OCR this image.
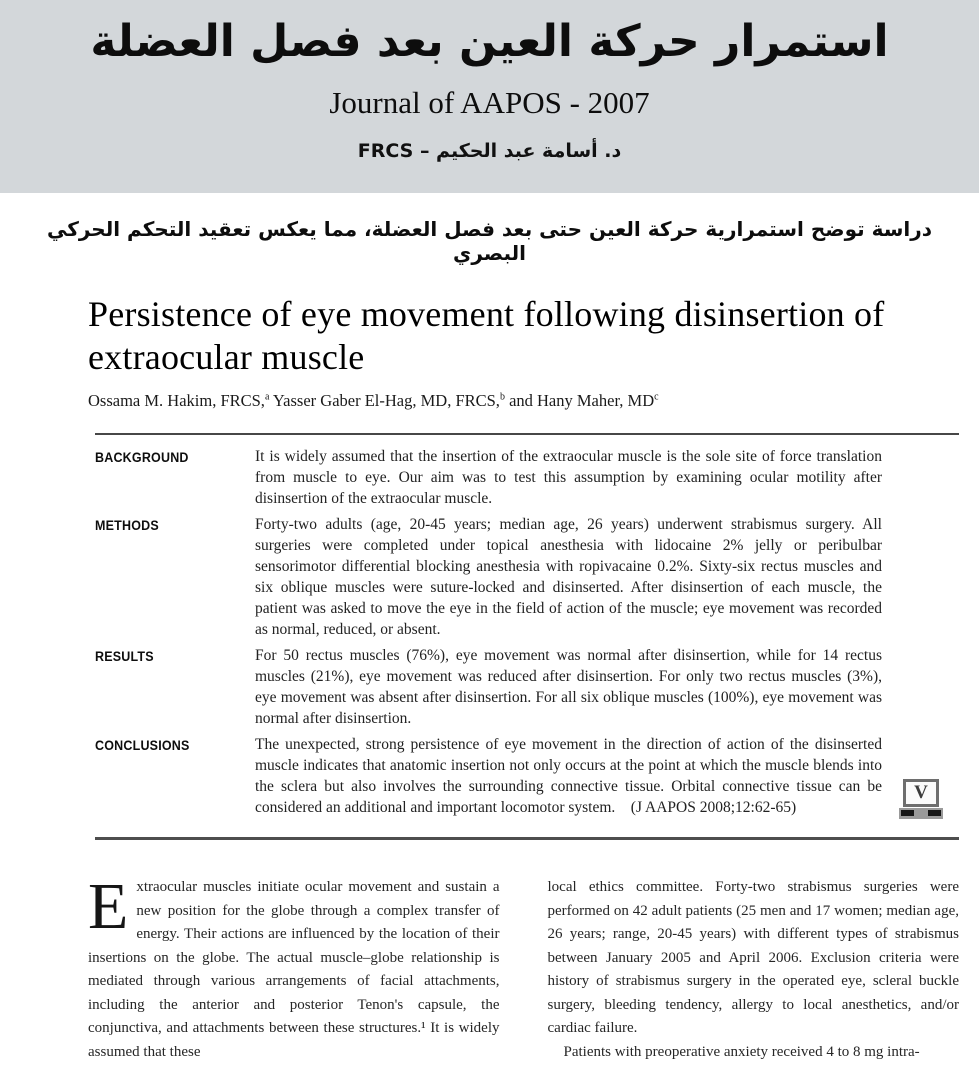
استمرار حركة العين بعد فصل العضلة
Journal of AAPOS - 2007
د. أسامة عبد الحكيم – FRCS
دراسة توضح استمرارية حركة العين حتى بعد فصل العضلة، مما يعكس تعقيد التحكم الحركي البصري
Persistence of eye movement following disinsertion of extraocular muscle
Ossama M. Hakim, FRCS,$^a$ Yasser Gaber El-Hag, MD, FRCS,$^b$ and Hany Maher, $MD^c$
BACKGROUND	It is widely assumed that the insertion of the extraocular muscle is the sole site of force translation from muscle to eye. Our aim was to test this assumption by examining ocular motility after disinsertion of the extraocular muscle.
METHODS	Forty-two adults (age, 20-45 years; median age, 26 years) underwent strabismus surgery. All surgeries were completed under topical anesthesia with lidocaine 2% jelly or peribulbar sensorimotor differential blocking anesthesia with ropivacaine 0.2%. Sixty-six rectus muscles and six oblique muscles were suture-locked and disinserted. After disinsertion of each muscle, the patient was asked to move the eye in the field of action of the muscle; eye movement was recorded as normal, reduced, or absent.
RESULTS	For 50 rectus muscles (76%), eye movement was normal after disinsertion, while for 14 rectus muscles (21%), eye movement was reduced after disinsertion. For only two rectus muscles (3%), eye movement was absent after disinsertion. For all six oblique muscles (100%), eye movement was normal after disinsertion.
CONCLUSIONS	The unexpected, strong persistence of eye movement in the direction of action of the disinserted muscle indicates that anatomic insertion not only occurs at the point at which the muscle blends into the sclera but also involves the surrounding connective tissue. Orbital connective tissue can be considered an additional and important locomotor system. (J AAPOS 2008;12:62-65)
V

Extraocular muscles initiate ocular movement and sustain a new position for the globe through a complex transfer of energy. Their actions are influenced by the location of their insertions on the globe. The actual muscle–globe relationship is mediated through various arrangements of facial attachments, including the anterior and posterior Tenon's capsule, the conjunctiva, and attachments between these structures.¹ It is widely assumed that these

local ethics committee. Forty-two strabismus surgeries were performed on 42 adult patients (25 men and 17 women; median age, 26 years; range, 20-45 years) with different types of strabismus between January 2005 and April 2006. Exclusion criteria were history of strabismus surgery in the operated eye, scleral buckle surgery, bleeding tendency, allergy to local anesthetics, and/or cardiac failure.

Patients with preoperative anxiety received 4 to 8 mg intra-
